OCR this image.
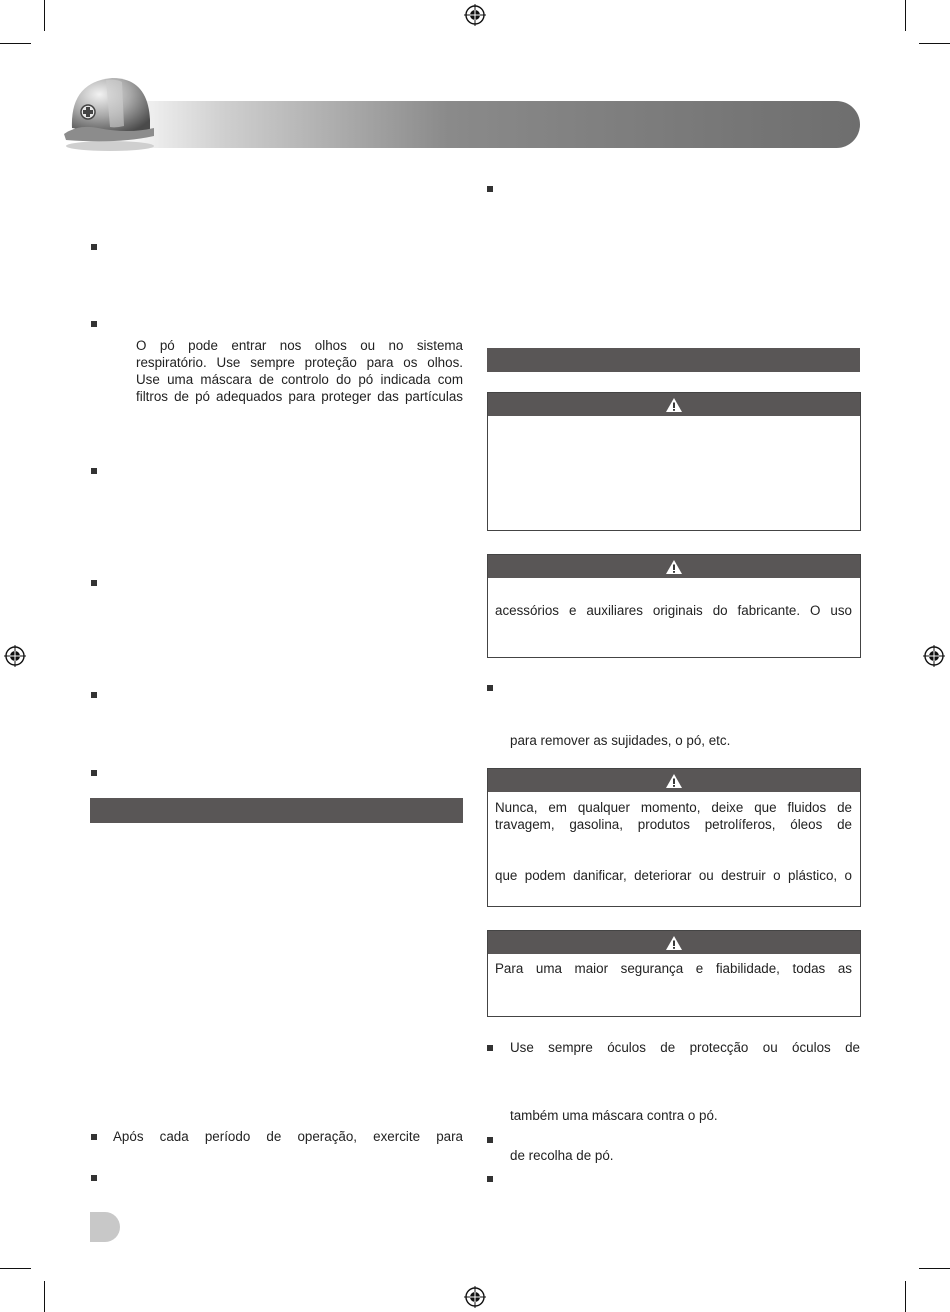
O pó pode entrar nos olhos ou no sistema
respiratório. Use sempre proteção para os olhos.
Use uma máscara de controlo do pó indicada com
filtros de pó adequados para proteger das partículas
Após cada período de operação, exercite para
acessórios e auxiliares originais do fabricante. O uso
para remover as sujidades, o pó, etc.
Nunca, em qualquer momento, deixe que fluidos de
travagem, gasolina, produtos petrolíferos, óleos de
que podem danificar, deteriorar ou destruir o plástico, o
Para uma maior segurança e fiabilidade, todas as
Use sempre óculos de protecção ou óculos de
também uma máscara contra o pó.
de recolha de pó.
